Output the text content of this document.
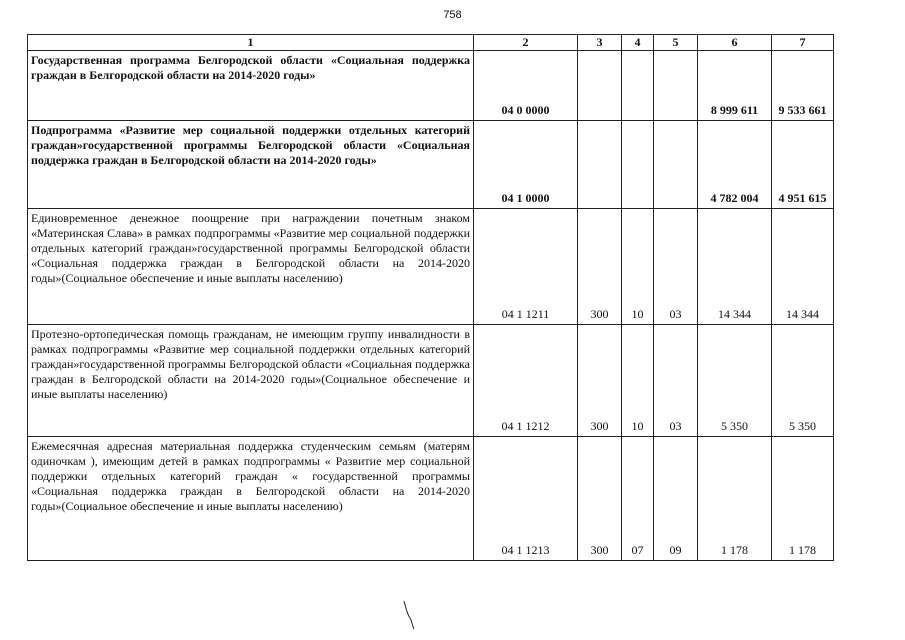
758
1	2	3	4	5	6	7
Государственная программа Белгородской области «Социальная поддержка граждан в Белгородской области на 2014-2020 годы»	04 0 0000				8 999 611	9 533 661
Подпрограмма «Развитие мер социальной поддержки отдельных категорий граждан»государственной программы Белгородской области «Социальная поддержка граждан в Белгородской области на 2014-2020 годы»	04 1 0000				4 782 004	4 951 615
Единовременное денежное поощрение при награждении почетным знаком «Материнская Слава» в рамках подпрограммы «Развитие мер социальной поддержки отдельных категорий граждан»государственной программы Белгородской области «Социальная поддержка граждан в Белгородской области на 2014-2020 годы»(Социальное обеспечение и иные выплаты населению)	04 1 1211	300	10	03	14 344	14 344
Протезно-ортопедическая помощь гражданам, не имеющим группу инвалидности в рамках подпрограммы «Развитие мер социальной поддержки отдельных категорий граждан»государственной программы Белгородской области «Социальная поддержка граждан в Белгородской области на 2014-2020 годы»(Социальное обеспечение и иные выплаты населению)	04 1 1212	300	10	03	5 350	5 350
Ежемесячная адресная материальная поддержка студенческим семьям (матерям одиночкам ), имеющим детей в рамках подпрограммы « Развитие мер социальной поддержки отдельных категорий граждан « государственной программы «Социальная поддержка граждан в Белгородской области на 2014-2020 годы»(Социальное обеспечение и иные выплаты населению)	04 1 1213	300	07	09	1 178	1 178
